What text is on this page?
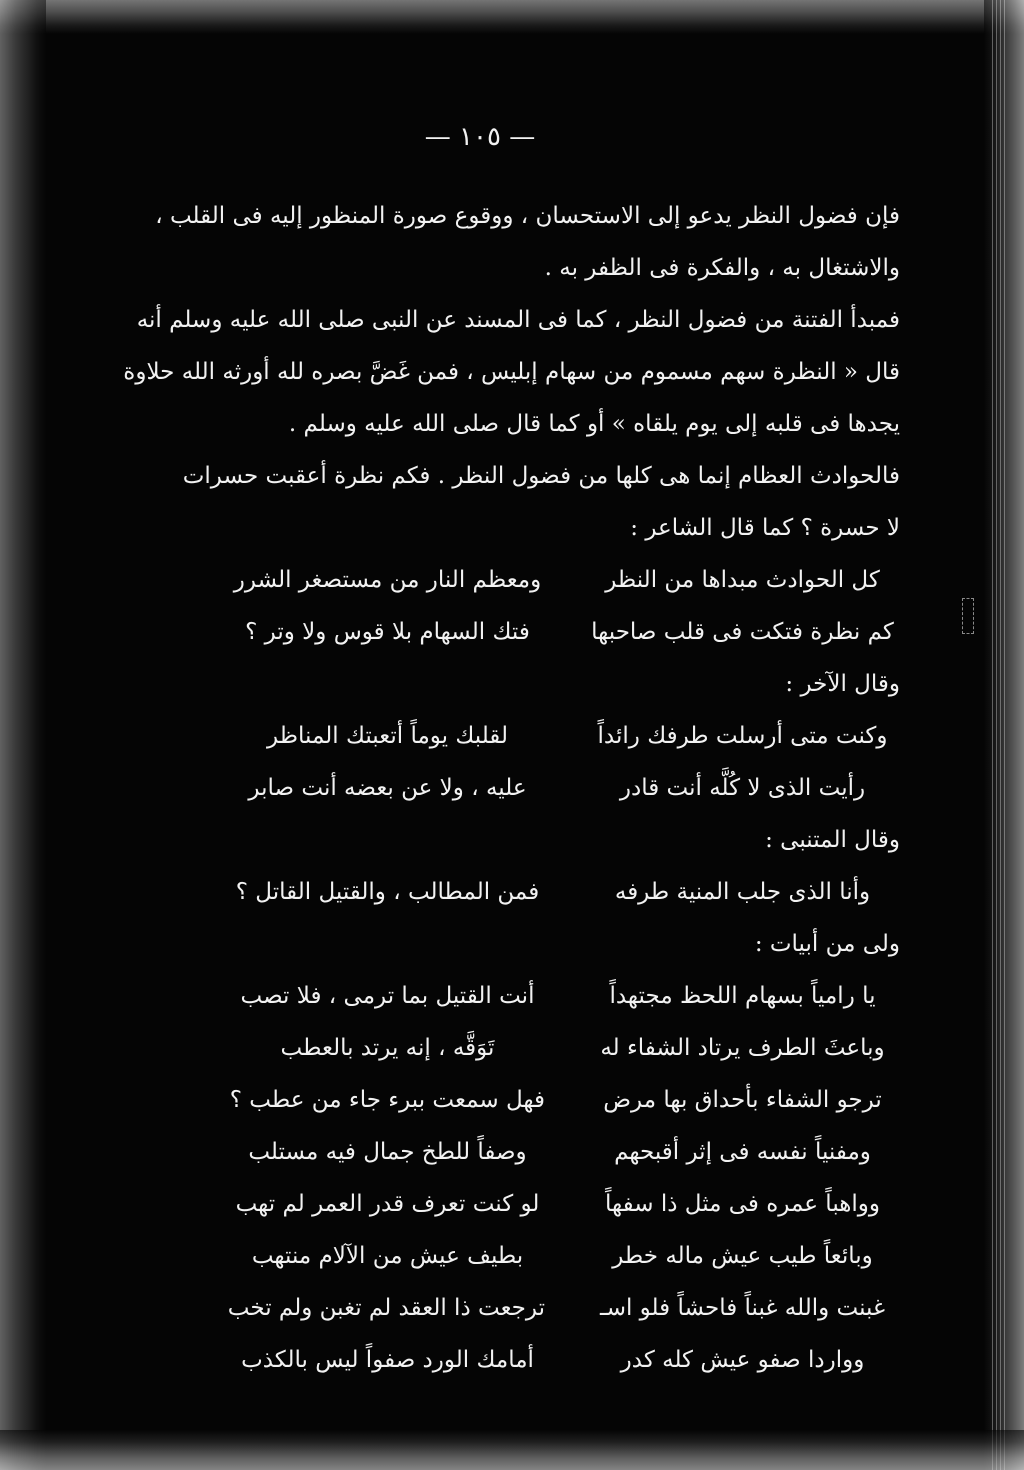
— ١٠٥ —
فإن فضول النظر يدعو إلى الاستحسان ، ووقوع صورة المنظور إليه فى القلب ،
والاشتغال به ، والفكرة فى الظفر به .
فمبدأ الفتنة من فضول النظر ، كما فى المسند عن النبى صلى الله عليه وسلم أنه
قال « النظرة سهم مسموم من سهام إبليس ، فمن غَضَّ بصره لله أورثه الله حلاوة
يجدها فى قلبه إلى يوم يلقاه » أو كما قال صلى الله عليه وسلم .
فالحوادث العظام إنما هى كلها من فضول النظر . فكم نظرة أعقبت حسرات
لا حسرة ؟ كما قال الشاعر :
كل الحوادث مبداها من النظر
ومعظم النار من مستصغر الشرر
كم نظرة فتكت فى قلب صاحبها
فتك السهام بلا قوس ولا وتر ؟
وقال الآخر :
وكنت متى أرسلت طرفك رائداً
لقلبك يوماً أتعبتك المناظر
رأيت الذى لا كُلَّه أنت قادر
عليه ، ولا عن بعضه أنت صابر
وقال المتنبى :
وأنا الذى جلب المنية طرفه
فمن المطالب ، والقتيل القاتل ؟
ولى من أبيات :
يا رامياً بسهام اللحظ مجتهداً
أنت القتيل بما ترمى ، فلا تصب
وباعثَ الطرف يرتاد الشفاء له
تَوَقَّه ، إنه يرتد بالعطب
ترجو الشفاء بأحداق بها مرض
فهل سمعت ببرء جاء من عطب ؟
ومفنياً نفسه فى إثر أقبحهم
وصفاً للطخ جمال فيه مستلب
وواهباً عمره فى مثل ذا سفهاً
لو كنت تعرف قدر العمر لم تهب
وبائعاً طيب عيش ماله خطر
بطيف عيش من الآلام منتهب
غبنت والله غبناً فاحشاً فلو اسـ
ترجعت ذا العقد لم تغبن ولم تخب
وواردا صفو عيش كله كدر
أمامك الورد صفواً ليس بالكذب
